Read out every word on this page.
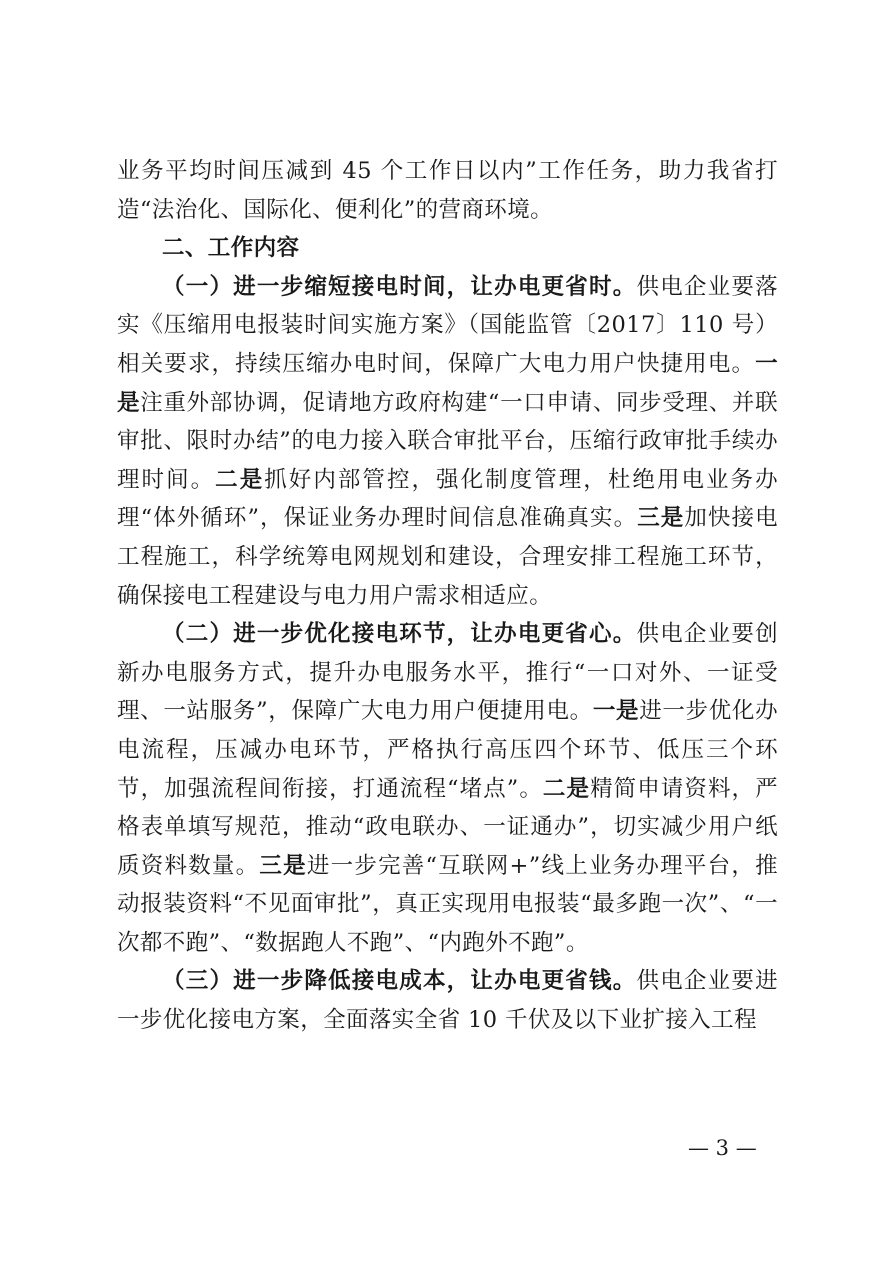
业务平均时间压减到 45 个工作日以内”工作任务，助力我省打造“法治化、国际化、便利化”的营商环境。

二、工作内容

（一）进一步缩短接电时间，让办电更省时。供电企业要落实《压缩用电报装时间实施方案》（国能监管〔2017〕110 号）相关要求，持续压缩办电时间，保障广大电力用户快捷用电。一是注重外部协调，促请地方政府构建“一口申请、同步受理、并联审批、限时办结”的电力接入联合审批平台，压缩行政审批手续办理时间。二是抓好内部管控，强化制度管理，杜绝用电业务办理“体外循环”，保证业务办理时间信息准确真实。三是加快接电工程施工，科学统筹电网规划和建设，合理安排工程施工环节，确保接电工程建设与电力用户需求相适应。

（二）进一步优化接电环节，让办电更省心。供电企业要创新办电服务方式，提升办电服务水平，推行“一口对外、一证受理、一站服务”，保障广大电力用户便捷用电。一是进一步优化办电流程，压减办电环节，严格执行高压四个环节、低压三个环节，加强流程间衔接，打通流程“堵点”。二是精简申请资料，严格表单填写规范，推动“政电联办、一证通办”，切实减少用户纸质资料数量。三是进一步完善“互联网+”线上业务办理平台，推动报装资料“不见面审批”，真正实现用电报装“最多跑一次”、“一次都不跑”、“数据跑人不跑”、“内跑外不跑”。

（三）进一步降低接电成本，让办电更省钱。供电企业要进一步优化接电方案，全面落实全省 10 千伏及以下业扩接入工程

— 3 —
